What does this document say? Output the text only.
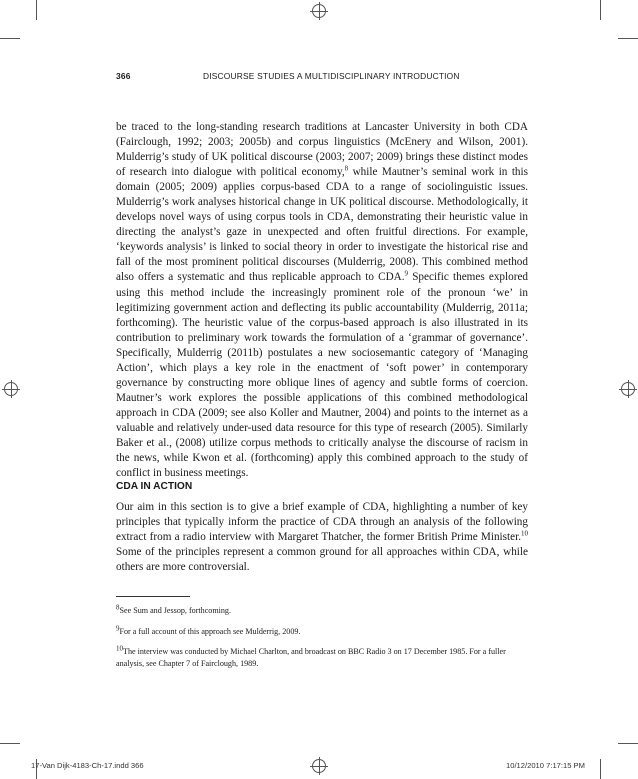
366	DISCOURSE STUDIES A MULTIDISCIPLINARY INTRODUCTION

be traced to the long-standing research traditions at Lancaster University in both CDA (Fairclough, 1992; 2003; 2005b) and corpus linguistics (McEnery and Wilson, 2001). Mulderrig’s study of UK political discourse (2003; 2007; 2009) brings these distinct modes of research into dialogue with political economy,$^8$ while Mautner’s seminal work in this domain (2005; 2009) applies corpus-based CDA to a range of sociolinguistic issues. Mulderrig’s work analyses historical change in UK political discourse. Methodologically, it develops novel ways of using corpus tools in CDA, demonstrating their heuristic value in directing the analyst’s gaze in unexpected and often fruitful directions. For example, ‘keywords analysis’ is linked to social theory in order to investigate the historical rise and fall of the most prominent political discourses (Mulderrig, 2008). This combined method also offers a systematic and thus replicable approach to CDA.$^9$ Specific themes explored using this method include the increasingly prominent role of the pronoun ‘we’ in legitimizing government action and deflecting its public accountability (Mulderrig, 2011a; forthcoming). The heuristic value of the corpus-based approach is also illustrated in its contribution to preliminary work towards the formulation of a ‘grammar of governance’. Specifically, Mulderrig (2011b) postulates a new sociosemantic category of ‘Managing Action’, which plays a key role in the enactment of ‘soft power’ in contemporary governance by constructing more oblique lines of agency and subtle forms of coercion. Mautner’s work explores the possible applications of this combined methodological approach in CDA (2009; see also Koller and Mautner, 2004) and points to the internet as a valuable and relatively under-used data resource for this type of research (2005). Similarly Baker et al., (2008) utilize corpus methods to critically analyse the discourse of racism in the news, while Kwon et al. (forthcoming) apply this combined approach to the study of conflict in business meetings.

CDA IN ACTION

Our aim in this section is to give a brief example of CDA, highlighting a number of key principles that typically inform the practice of CDA through an analysis of the following extract from a radio interview with Margaret Thatcher, the former British Prime Minister.$^{10}$ Some of the principles represent a common ground for all approaches within CDA, while others are more controversial.

$^8$See Sum and Jessop, forthcoming.

$^9$For a full account of this approach see Mulderrig, 2009.

$^{10}$The interview was conducted by Michael Charlton, and broadcast on BBC Radio 3 on 17 December 1985. For a fuller analysis, see Chapter 7 of Fairclough, 1989.

17-Van Dijk-4183-Ch-17.indd 366	10/12/2010 7:17:15 PM
